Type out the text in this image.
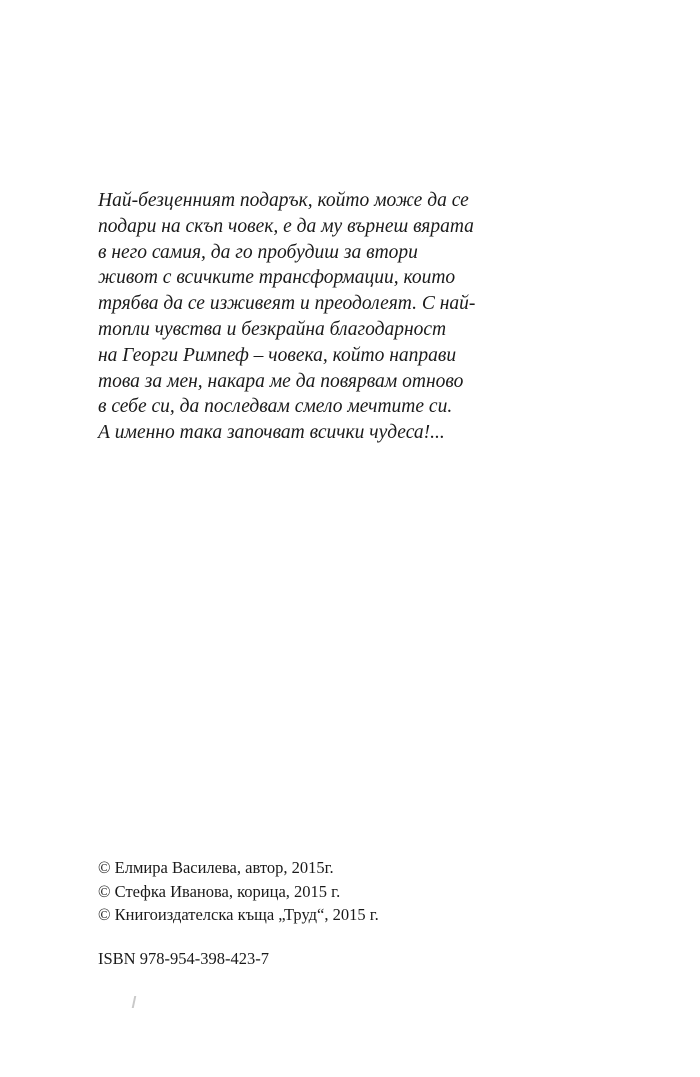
Най-безценният подарък, който може да се
подари на скъп човек, е да му върнеш вярата
в него самия, да го пробудиш за втори
живот с всичките трансформации, които
трябва да се изживеят и преодолеят. С най-
топли чувства и безкрайна благодарност
на Георги Римпеф – човека, който направи
това за мен, накара ме да повярвам отново
в себе си, да последвам смело мечтите си.
А именно така започват всички чудеса!...
© Елмира Василева, автор, 2015г.
© Стефка Иванова, корица, 2015 г.
© Книгоиздателска къща „Труд“, 2015 г.
ISBN 978-954-398-423-7
